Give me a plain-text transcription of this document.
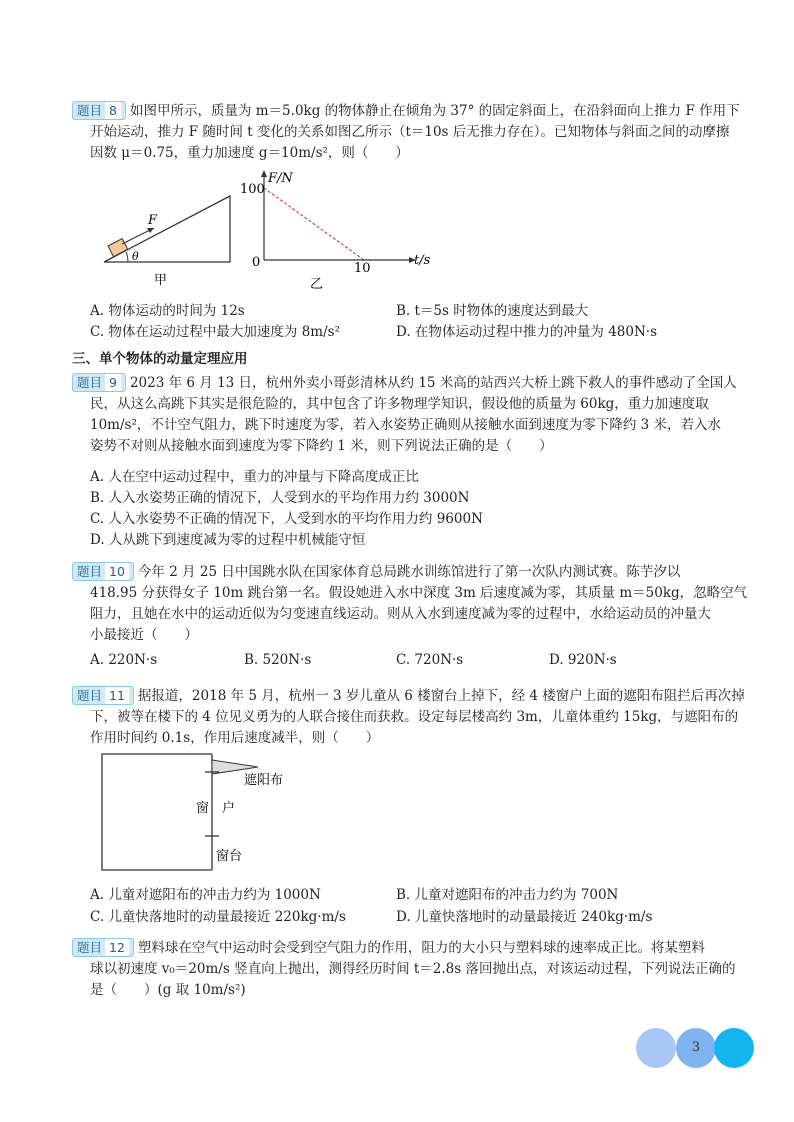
题目 8 如图甲所示，质量为 m＝5.0kg 的物体静止在倾角为 37° 的固定斜面上，在沿斜面向上推力 F 作用下
开始运动，推力 F 随时间 t 变化的关系如图乙所示（t＝10s 后无推力存在）。已知物体与斜面之间的动摩擦
因数 μ＝0.75，重力加速度 g＝10m/s²，则（　　）
F
θ
甲
F/N
t/s
100
0	10
乙
A. 物体运动的时间为 12s	B. t＝5s 时物体的速度达到最大
C. 物体在运动过程中最大加速度为 8m/s²	D. 在物体运动过程中推力的冲量为 480N·s
三、单个物体的动量定理应用
题目 9 2023 年 6 月 13 日，杭州外卖小哥彭清林从约 15 米高的站西兴大桥上跳下救人的事件感动了全国人
民，从这么高跳下其实是很危险的，其中包含了许多物理学知识，假设他的质量为 60kg，重力加速度取
10m/s²，不计空气阻力，跳下时速度为零，若入水姿势正确则从接触水面到速度为零下降约 3 米，若入水
姿势不对则从接触水面到速度为零下降约 1 米，则下列说法正确的是（　　）
A. 人在空中运动过程中，重力的冲量与下降高度成正比
B. 人入水姿势正确的情况下，人受到水的平均作用力约 3000N
C. 人入水姿势不正确的情况下，人受到水的平均作用力约 9600N
D. 人从跳下到速度减为零的过程中机械能守恒
题目 10 今年 2 月 25 日中国跳水队在国家体育总局跳水训练馆进行了第一次队内测试赛。陈芋汐以
418.95 分获得女子 10m 跳台第一名。假设她进入水中深度 3m 后速度减为零，其质量 m＝50kg，忽略空气
阻力，且她在水中的运动近似为匀变速直线运动。则从入水到速度减为零的过程中，水给运动员的冲量大
小最接近（　　）
A. 220N·s	B. 520N·s	C. 720N·s	D. 920N·s
题目 11 据报道，2018 年 5 月，杭州一 3 岁儿童从 6 楼窗台上掉下，经 4 楼窗户上面的遮阳布阻拦后再次掉
下，被等在楼下的 4 位见义勇为的人联合接住而获救。设定每层楼高约 3m，儿童体重约 15kg，与遮阳布的
作用时间约 0.1s，作用后速度减半，则（　　）
遮阳布
窗　户
窗台
A. 儿童对遮阳布的冲击力约为 1000N	B. 儿童对遮阳布的冲击力约为 700N
C. 儿童快落地时的动量最接近 220kg·m/s	D. 儿童快落地时的动量最接近 240kg·m/s
题目 12 塑料球在空气中运动时会受到空气阻力的作用，阻力的大小只与塑料球的速率成正比。将某塑料
球以初速度 v₀＝20m/s 竖直向上抛出，测得经历时间 t＝2.8s 落回抛出点，对该运动过程，下列说法正确的
是（　　）(g 取 10m/s²)
3
